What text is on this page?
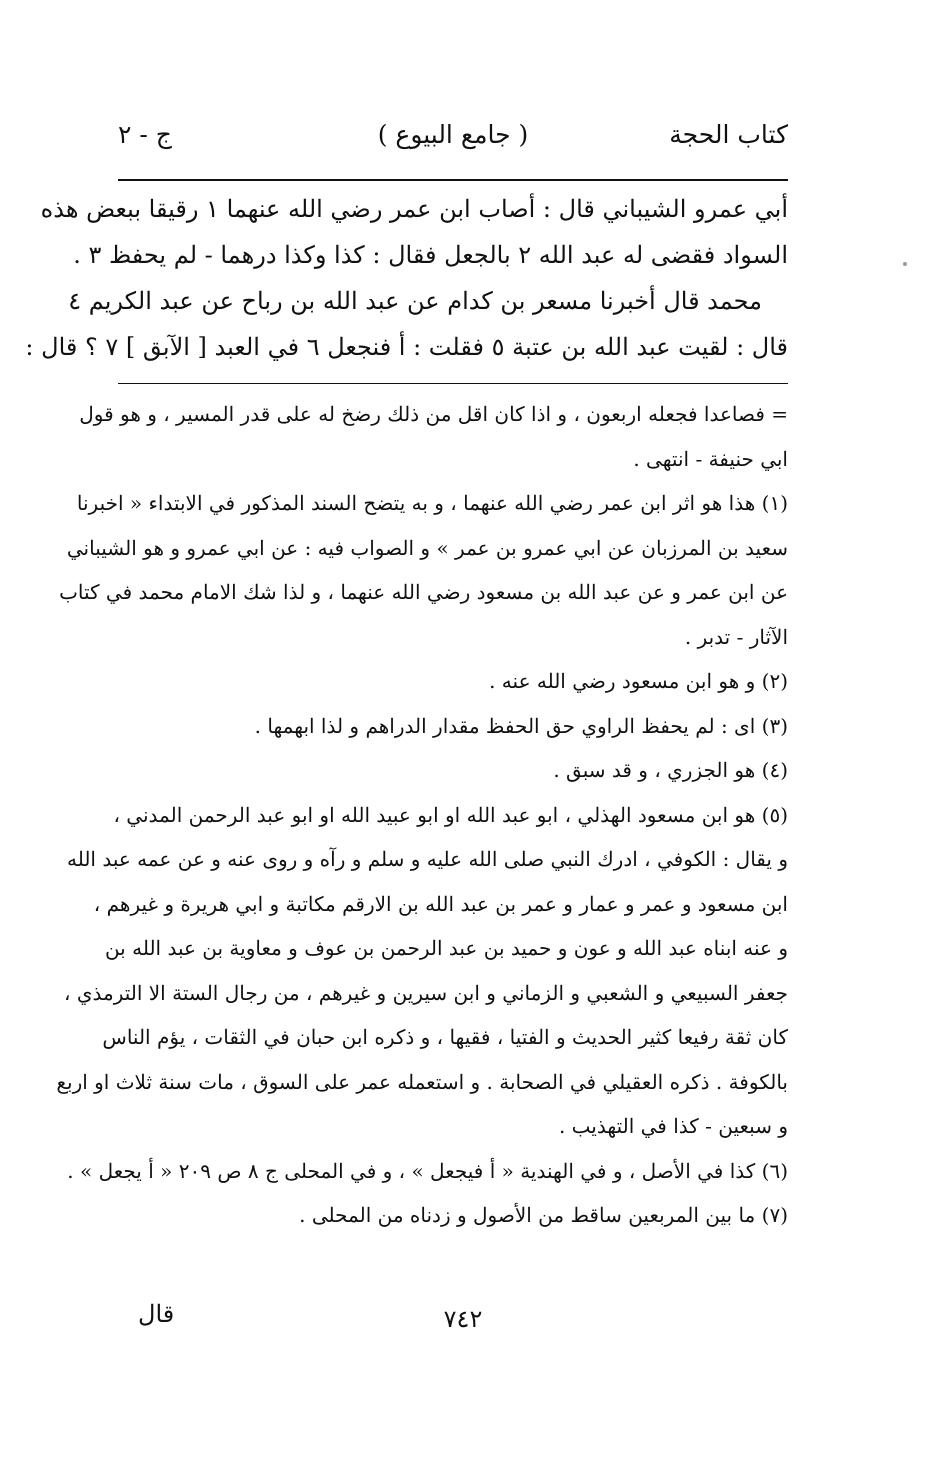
كتاب الحجة
( جامع البيوع )
ج - ٢
أبي عمرو الشيباني قال : أصاب ابن عمر رضي الله عنهما ١ رقيقا ببعض هذه
السواد فقضى له عبد الله ٢ بالجعل فقال : كذا وكذا درهما - لم يحفظ ٣ .
محمد قال أخبرنا مسعر بن كدام عن عبد الله بن رباح عن عبد الكريم ٤
قال : لقيت عبد الله بن عتبة ٥ فقلت : أ فنجعل ٦ في العبد [ الآبق ] ٧ ؟ قال :
= فصاعدا فجعله اربعون ، و اذا كان اقل من ذلك رضخ له على قدر المسير ، و هو قول
ابي حنيفة - انتهى .
(١) هذا هو اثر ابن عمر رضي الله عنهما ، و به يتضح السند المذكور في الابتداء « اخبرنا
سعيد بن المرزبان عن ابي عمرو بن عمر » و الصواب فيه : عن ابي عمرو و هو الشيباني
عن ابن عمر و عن عبد الله بن مسعود رضي الله عنهما ، و لذا شك الامام محمد في كتاب
الآثار - تدبر .
(٢) و هو ابن مسعود رضي الله عنه .
(٣) اى : لم يحفظ الراوي حق الحفظ مقدار الدراهم و لذا ابهمها .
(٤) هو الجزري ، و قد سبق .
(٥) هو ابن مسعود الهذلي ، ابو عبد الله او ابو عبيد الله او ابو عبد الرحمن المدني ،
و يقال : الكوفي ، ادرك النبي صلى الله عليه و سلم و رآه و روى عنه و عن عمه عبد الله
ابن مسعود و عمر و عمار و عمر بن عبد الله بن الارقم مكاتبة و ابي هريرة و غيرهم ،
و عنه ابناه عبد الله و عون و حميد بن عبد الرحمن بن عوف و معاوية بن عبد الله بن
جعفر السبيعي و الشعبي و الزماني و ابن سيرين و غيرهم ، من رجال الستة الا الترمذي ،
كان ثقة رفيعا كثير الحديث و الفتيا ، فقيها ، و ذكره ابن حبان في الثقات ، يؤم الناس
بالكوفة . ذكره العقيلي في الصحابة . و استعمله عمر على السوق ، مات سنة ثلاث او اربع
و سبعين - كذا في التهذيب .
(٦) كذا في الأصل ، و في الهندية « أ فيجعل » ، و في المحلى ج ٨ ص ٢٠٩ « أ يجعل » .
(٧) ما بين المربعين ساقط من الأصول و زدناه من المحلى .
٧٤٢
قال
